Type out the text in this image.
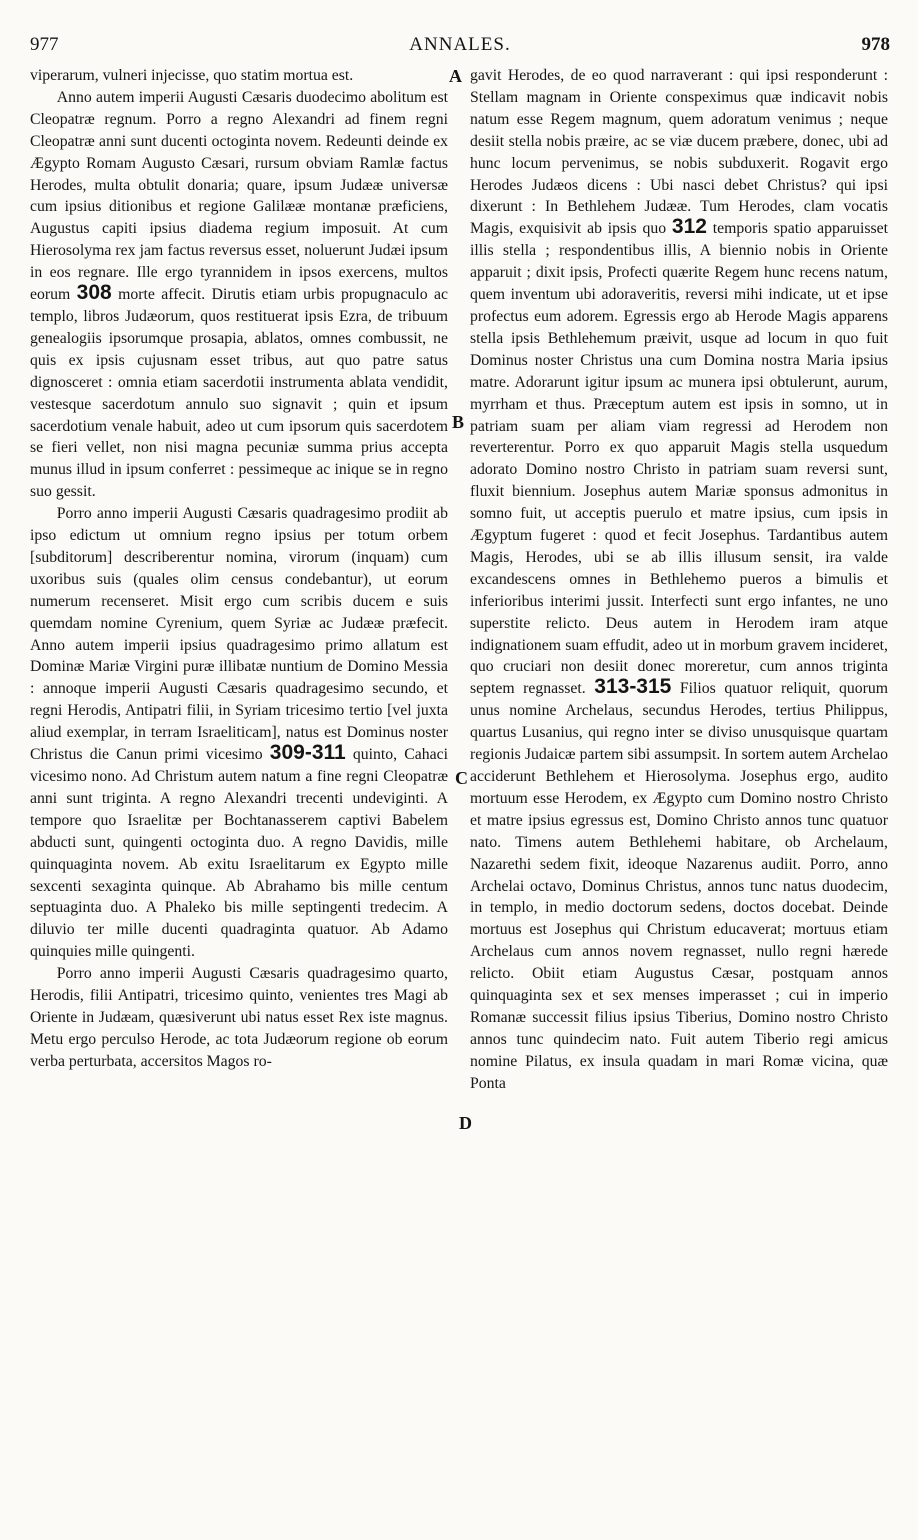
977	ANNALES.	978

viperarum, vulneri injecisse, quo statim mortua est.

Anno autem imperii Augusti Cæsaris duodecimo abolitum est Cleopatræ regnum. Porro a regno Alexandri ad finem regni Cleopatræ anni sunt ducenti octoginta novem. Redeunti deinde ex Ægypto Romam Augusto Cæsari, rursum obviam Ramlæ factus Herodes, multa obtulit donaria; quare, ipsum Judææ universæ cum ipsius ditionibus et regione Galilææ montanæ præficiens, Augustus capiti ipsius diadema regium imposuit. At cum Hierosolyma rex jam factus reversus esset, noluerunt Judæi ipsum in eos regnare. Ille ergo tyrannidem in ipsos exercens, multos eorum 308 morte affecit. Dirutis etiam urbis propugnaculo ac templo, libros Judæorum, quos restituerat ipsis Ezra, de tribuum genealogiis ipsorumque prosapia, ablatos, omnes combussit, ne quis ex ipsis cujusnam esset tribus, aut quo patre satus dignosceret : omnia etiam sacerdotii instrumenta ablata vendidit, vestesque sacerdotum annulo suo signavit ; quin et ipsum sacerdotium venale habuit, adeo ut cum ipsorum quis sacerdotem se fieri vellet, non nisi magna pecuniæ summa prius accepta munus illud in ipsum conferret : pessimeque ac inique se in regno suo gessit.

Porro anno imperii Augusti Cæsaris quadragesimo prodiit ab ipso edictum ut omnium regno ipsius per totum orbem [subditorum] describerentur nomina, virorum (inquam) cum uxoribus suis (quales olim census condebantur), ut eorum numerum recenseret. Misit ergo cum scribis ducem e suis quemdam nomine Cyrenium, quem Syriæ ac Judææ præfecit. Anno autem imperii ipsius quadragesimo primo allatum est Dominæ Mariæ Virgini puræ illibatæ nuntium de Domino Messia : annoque imperii Augusti Cæsaris quadragesimo secundo, et regni Herodis, Antipatri filii, in Syriam tricesimo tertio [vel juxta aliud exemplar, in terram Israeliticam], natus est Dominus noster Christus die Canun primi vicesimo 309-311 quinto, Cahaci vicesimo nono. Ad Christum autem natum a fine regni Cleopatræ anni sunt triginta. A regno Alexandri trecenti undeviginti. A tempore quo Israelitæ per Bochtanasserem captivi Babelem abducti sunt, quingenti octoginta duo. A regno Davidis, mille quinquaginta novem. Ab exitu Israelitarum ex Egypto mille sexcenti sexaginta quinque. Ab Abrahamo bis mille centum septuaginta duo. A Phaleko bis mille septingenti tredecim. A diluvio ter mille ducenti quadraginta quatuor. Ab Adamo quinquies mille quingenti.

Porro anno imperii Augusti Cæsaris quadragesimo quarto, Herodis, filii Antipatri, tricesimo quinto, venientes tres Magi ab Oriente in Judæam, quæsiverunt ubi natus esset Rex iste magnus. Metu ergo perculso Herode, ac tota Judæorum regione ob eorum verba perturbata, accersitos Magos ro-

A
B
C
D

gavit Herodes, de eo quod narraverant : qui ipsi responderunt : Stellam magnam in Oriente conspeximus quæ indicavit nobis natum esse Regem magnum, quem adoratum venimus ; neque desiit stella nobis præire, ac se viæ ducem præbere, donec, ubi ad hunc locum pervenimus, se nobis subduxerit. Rogavit ergo Herodes Judæos dicens : Ubi nasci debet Christus? qui ipsi dixerunt : In Bethlehem Judææ. Tum Herodes, clam vocatis Magis, exquisivit ab ipsis quo 312 temporis spatio apparuisset illis stella ; respondentibus illis, A biennio nobis in Oriente apparuit ; dixit ipsis, Profecti quærite Regem hunc recens natum, quem inventum ubi adoraveritis, reversi mihi indicate, ut et ipse profectus eum adorem. Egressis ergo ab Herode Magis apparens stella ipsis Bethlehemum præivit, usque ad locum in quo fuit Dominus noster Christus una cum Domina nostra Maria ipsius matre. Adorarunt igitur ipsum ac munera ipsi obtulerunt, aurum, myrrham et thus. Præceptum autem est ipsis in somno, ut in patriam suam per aliam viam regressi ad Herodem non reverterentur. Porro ex quo apparuit Magis stella usquedum adorato Domino nostro Christo in patriam suam reversi sunt, fluxit biennium. Josephus autem Mariæ sponsus admonitus in somno fuit, ut acceptis puerulo et matre ipsius, cum ipsis in Ægyptum fugeret : quod et fecit Josephus. Tardantibus autem Magis, Herodes, ubi se ab illis illusum sensit, ira valde excandescens omnes in Bethlehemo pueros a bimulis et inferioribus interimi jussit. Interfecti sunt ergo infantes, ne uno superstite relicto. Deus autem in Herodem iram atque indignationem suam effudit, adeo ut in morbum gravem incideret, quo cruciari non desiit donec moreretur, cum annos triginta septem regnasset. 313-315 Filios quatuor reliquit, quorum unus nomine Archelaus, secundus Herodes, tertius Philippus, quartus Lusanius, qui regno inter se diviso unusquisque quartam regionis Judaicæ partem sibi assumpsit. In sortem autem Archelao acciderunt Bethlehem et Hierosolyma. Josephus ergo, audito mortuum esse Herodem, ex Ægypto cum Domino nostro Christo et matre ipsius egressus est, Domino Christo annos tunc quatuor nato. Timens autem Bethlehemi habitare, ob Archelaum, Nazarethi sedem fixit, ideoque Nazarenus audiit. Porro, anno Archelai octavo, Dominus Christus, annos tunc natus duodecim, in templo, in medio doctorum sedens, doctos docebat. Deinde mortuus est Josephus qui Christum educaverat; mortuus etiam Archelaus cum annos novem regnasset, nullo regni hærede relicto. Obiit etiam Augustus Cæsar, postquam annos quinquaginta sex et sex menses imperasset ; cui in imperio Romanæ successit filius ipsius Tiberius, Domino nostro Christo annos tunc quindecim nato. Fuit autem Tiberio regi amicus nomine Pilatus, ex insula quadam in mari Romæ vicina, quæ Ponta
